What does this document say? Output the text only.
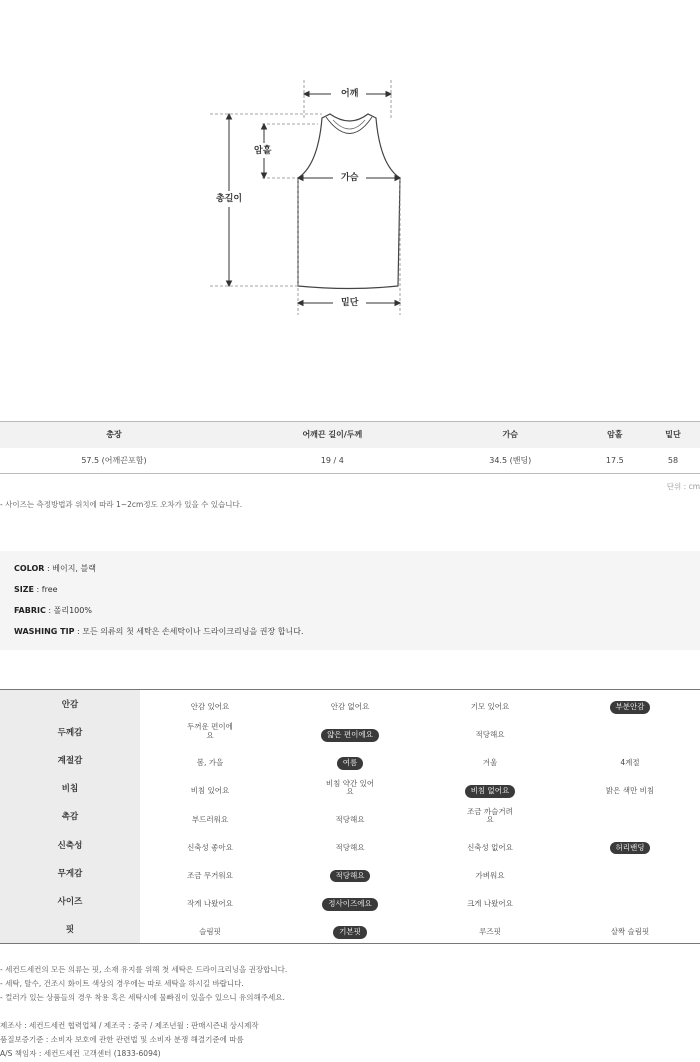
어깨
암홀
총길이
가슴
밑단
총장	어깨끈 길이/두께	가슴	암홀	밑단
57.5 (어깨끈포함)	19 / 4	34.5 (밴딩)	17.5	58
단위 : cm
- 사이즈는 측정방법과 위치에 따라 1~2cm정도 오차가 있을 수 있습니다.
COLOR : 베이지, 블랙
SIZE : free
FABRIC : 폴리100%
WASHING TIP : 모든 의류의 첫 세탁은 손세탁이나 드라이크리닝을 권장 합니다.
안감	안감 있어요	안감 없어요	기모 있어요	부분안감
두께감	두꺼운 편이에요	얇은 편이에요	적당해요	
계절감	봄, 가을	여름	겨울	4계절
비침	비침 있어요	비침 약간 있어요	비침 없어요	밝은 색만 비침
촉감	부드러워요	적당해요	조금 까슬거려요	
신축성	신축성 좋아요	적당해요	신축성 없어요	허리밴딩
무게감	조금 무거워요	적당해요	가벼워요	
사이즈	작게 나왔어요	정사이즈에요	크게 나왔어요	
핏	슬림핏	기본핏	루즈핏	살짝 슬림핏
- 세컨드세컨의 모든 의류는 핏, 소재 유지를 위해 첫 세탁은 드라이크리닝을 권장합니다.
- 세탁, 탈수, 건조시 화이트 색상의 경우에는 따로 세탁을 하시길 바랍니다.
- 컬러가 있는 상품들의 경우 착용 혹은 세탁시에 물빠짐이 있을수 있으니 유의해주세요.
제조사 : 세컨드세컨 협력업체 / 제조국 : 중국 / 제조년월 : 판매시즌내 상시제작
품질보증기준 : 소비자 보호에 관한 관련법 및 소비자 분쟁 해결기준에 따름
A/S 책임자 : 세컨드세컨 고객센터 (1833-6094)
